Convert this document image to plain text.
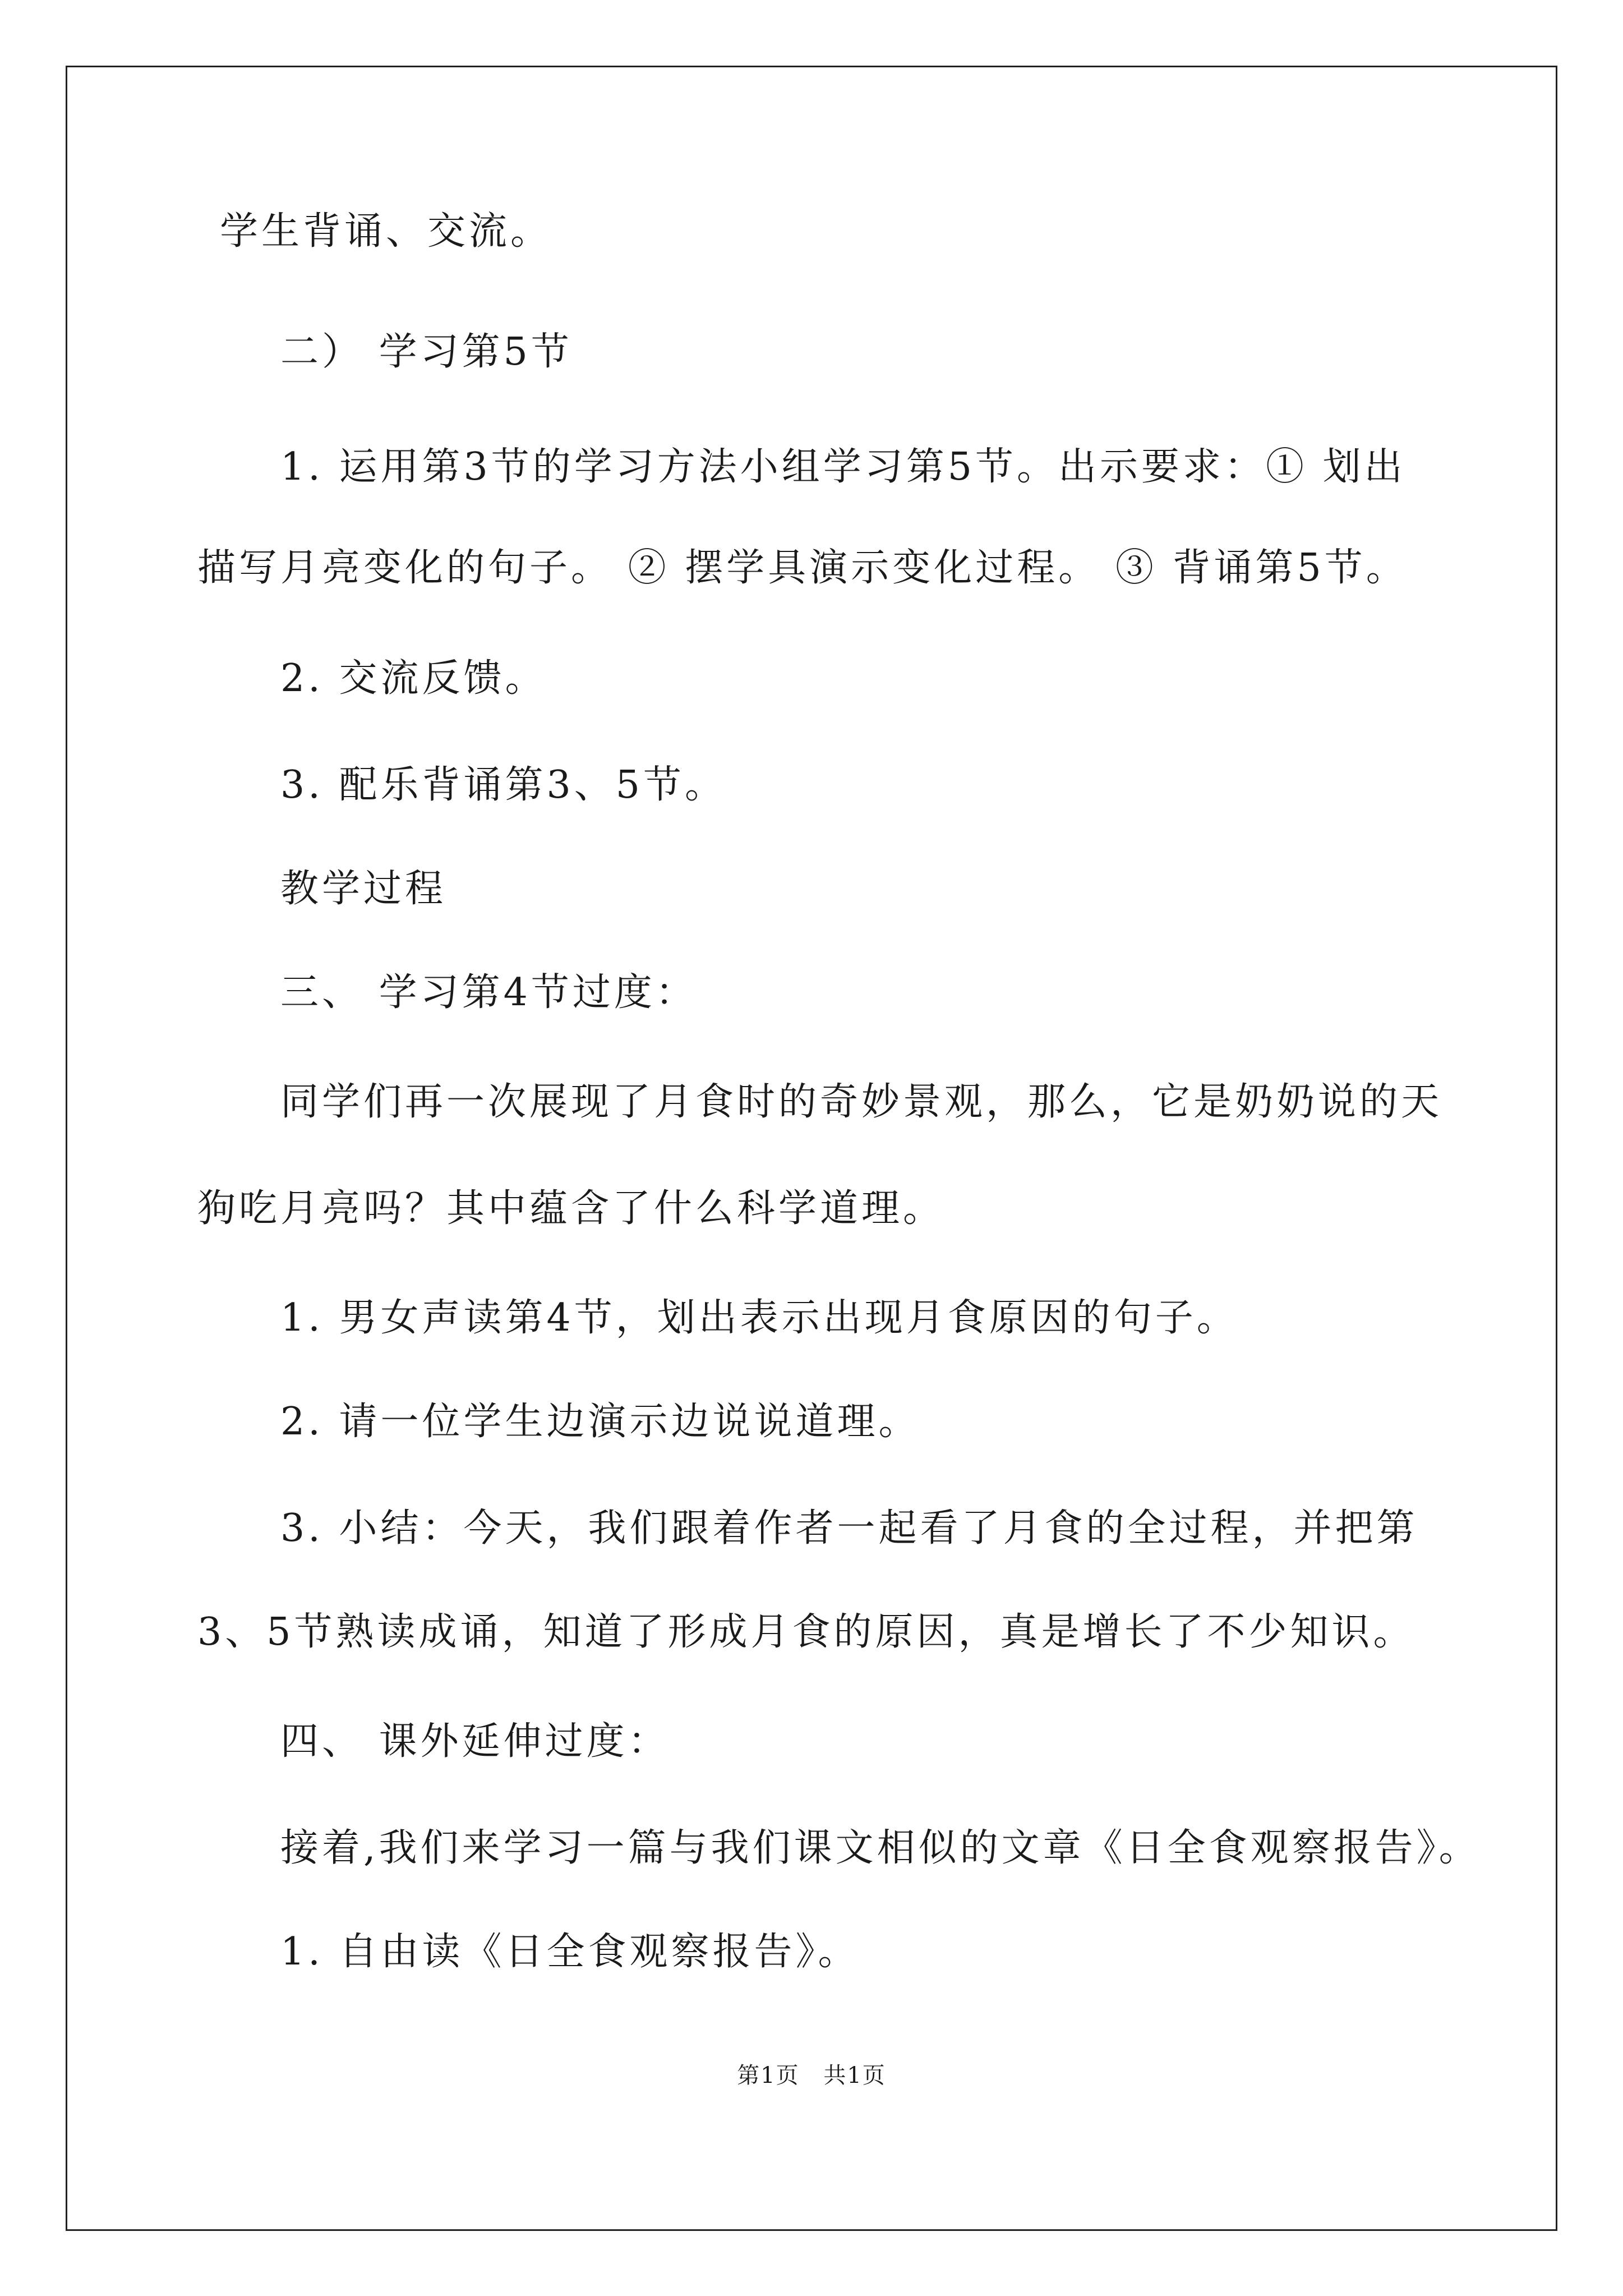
学生背诵、交流。
二） 学习第5节
1. 运用第3节的学习方法小组学习第5节。出示要求：① 划出
描写月亮变化的句子。 ② 摆学具演示变化过程。 ③ 背诵第5节。
2. 交流反馈。
3. 配乐背诵第3、5节。
教学过程
三、 学习第4节过度：
同学们再一次展现了月食时的奇妙景观，那么，它是奶奶说的天
狗吃月亮吗？其中蕴含了什么科学道理。
1. 男女声读第4节，划出表示出现月食原因的句子。
2. 请一位学生边演示边说说道理。
3. 小结：今天，我们跟着作者一起看了月食的全过程，并把第
3、5节熟读成诵，知道了形成月食的原因，真是增长了不少知识。
四、 课外延伸过度：
接着,我们来学习一篇与我们课文相似的文章《日全食观察报告》。
1. 自由读《日全食观察报告》。
第1页 共1页
